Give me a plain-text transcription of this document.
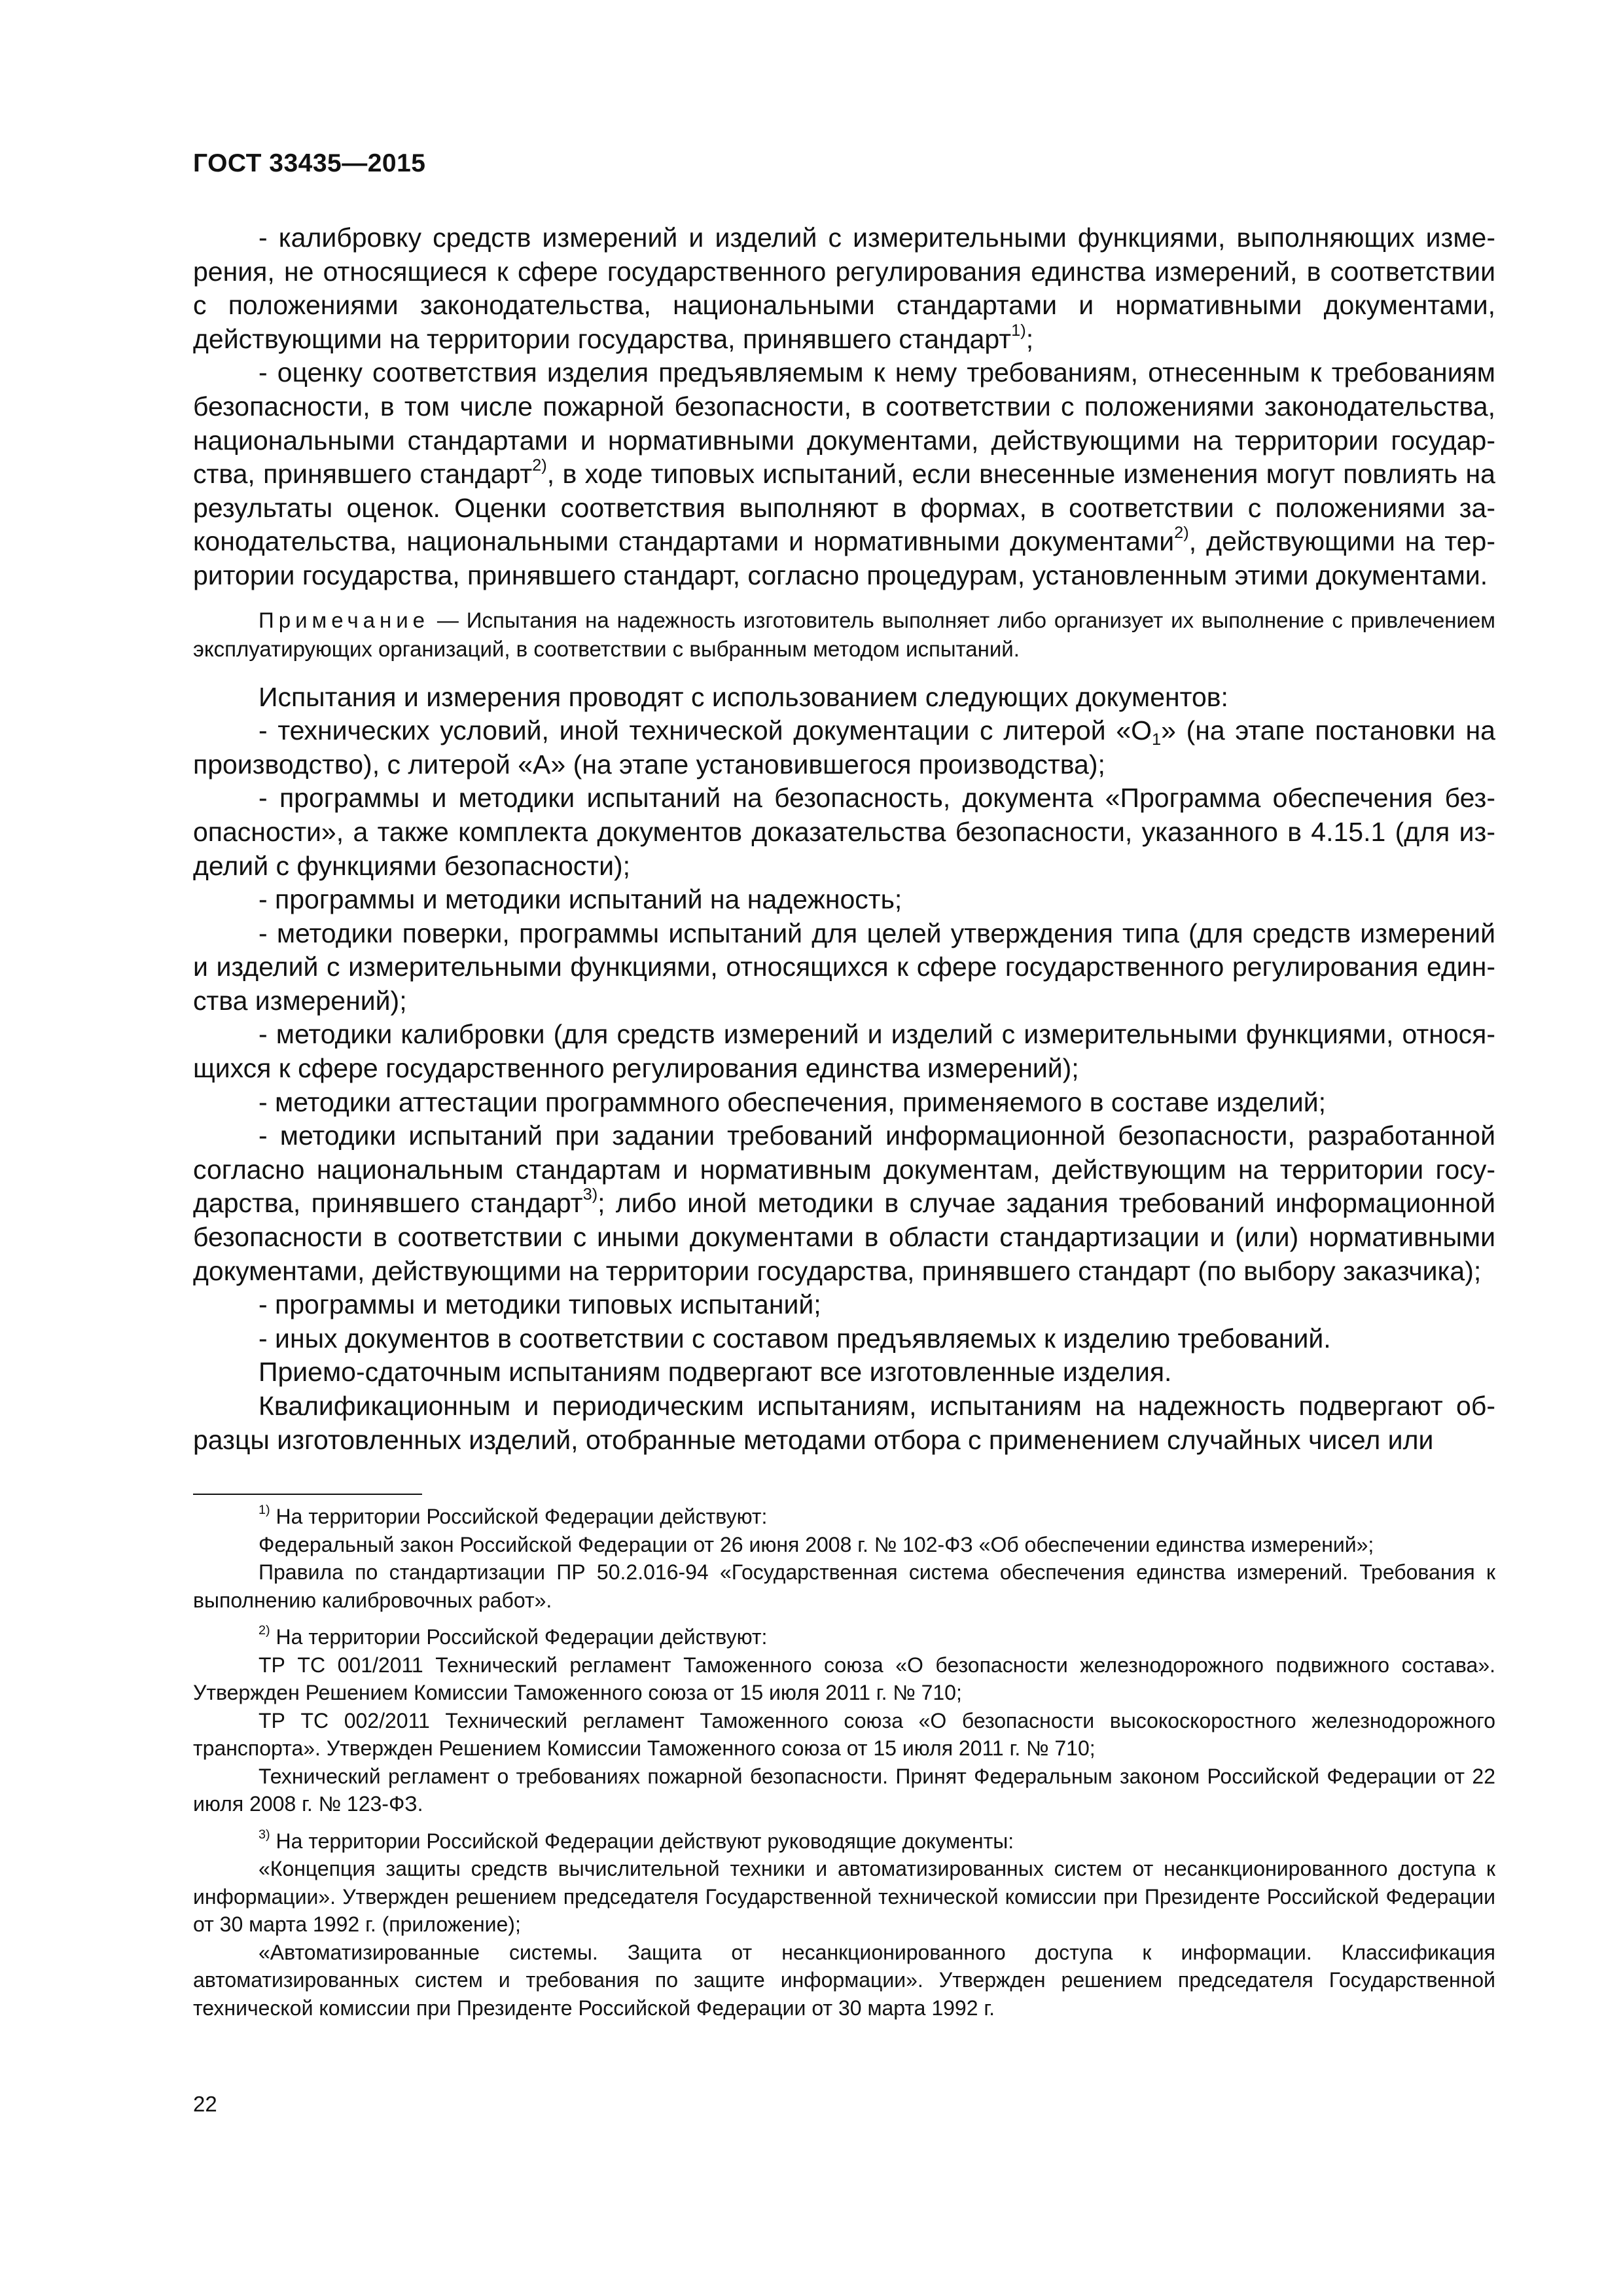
ГОСТ 33435—2015

- калибровку средств измерений и изделий с измерительными функциями, выполняющих измерения, не относящиеся к сфере государственного регулирования единства измерений, в соответствии с положениями законодательства, национальными стандартами и нормативными документами, действующими на территории государства, принявшего стандарт$^{1)}$;

- оценку соответствия изделия предъявляемым к нему требованиям, отнесенным к требованиям безопасности, в том числе пожарной безопасности, в соответствии с положениями законодательства, национальными стандартами и нормативными документами, действующими на территории государства, принявшего стандарт$^{2)}$, в ходе типовых испытаний, если внесенные изменения могут повлиять на результаты оценок. Оценки соответствия выполняют в формах, в соответствии с положениями законодательства, национальными стандартами и нормативными документами$^{2)}$, действующими на территории государства, принявшего стандарт, согласно процедурам, установленным этими документами.

Примечание — Испытания на надежность изготовитель выполняет либо организует их выполнение с привлечением эксплуатирующих организаций, в соответствии с выбранным методом испытаний.

Испытания и измерения проводят с использованием следующих документов:

- технических условий, иной технической документации с литерой «$О_1$» (на этапе постановки на производство), с литерой «А» (на этапе установившегося производства);

- программы и методики испытаний на безопасность, документа «Программа обеспечения безопасности», а также комплекта документов доказательства безопасности, указанного в 4.15.1 (для изделий с функциями безопасности);

- программы и методики испытаний на надежность;

- методики поверки, программы испытаний для целей утверждения типа (для средств измерений и изделий с измерительными функциями, относящихся к сфере государственного регулирования единства измерений);

- методики калибровки (для средств измерений и изделий с измерительными функциями, относящихся к сфере государственного регулирования единства измерений);

- методики аттестации программного обеспечения, применяемого в составе изделий;

- методики испытаний при задании требований информационной безопасности, разработанной согласно национальным стандартам и нормативным документам, действующим на территории государства, принявшего стандарт$^{3)}$; либо иной методики в случае задания требований информационной безопасности в соответствии с иными документами в области стандартизации и (или) нормативными документами, действующими на территории государства, принявшего стандарт (по выбору заказчика);

- программы и методики типовых испытаний;

- иных документов в соответствии с составом предъявляемых к изделию требований.

Приемо-сдаточным испытаниям подвергают все изготовленные изделия.

Квалификационным и периодическим испытаниям, испытаниям на надежность подвергают образцы изготовленных изделий, отобранные методами отбора с применением случайных чисел или

$^{1)}$ На территории Российской Федерации действуют:

Федеральный закон Российской Федерации от 26 июня 2008 г. № 102-ФЗ «Об обеспечении единства измерений»;

Правила по стандартизации ПР 50.2.016-94 «Государственная система обеспечения единства измерений. Требования к выполнению калибровочных работ».

$^{2)}$ На территории Российской Федерации действуют:

ТР ТС 001/2011 Технический регламент Таможенного союза «О безопасности железнодорожного подвижного состава». Утвержден Решением Комиссии Таможенного союза от 15 июля 2011 г. № 710;

ТР ТС 002/2011 Технический регламент Таможенного союза «О безопасности высокоскоростного железнодорожного транспорта». Утвержден Решением Комиссии Таможенного союза от 15 июля 2011 г. № 710;

Технический регламент о требованиях пожарной безопасности. Принят Федеральным законом Российской Федерации от 22 июля 2008 г. № 123-ФЗ.

$^{3)}$ На территории Российской Федерации действуют руководящие документы:

«Концепция защиты средств вычислительной техники и автоматизированных систем от несанкционированного доступа к информации». Утвержден решением председателя Государственной технической комиссии при Президенте Российской Федерации от 30 марта 1992 г. (приложение);

«Автоматизированные системы. Защита от несанкционированного доступа к информации. Классификация автоматизированных систем и требования по защите информации». Утвержден решением председателя Государственной технической комиссии при Президенте Российской Федерации от 30 марта 1992 г.

22
